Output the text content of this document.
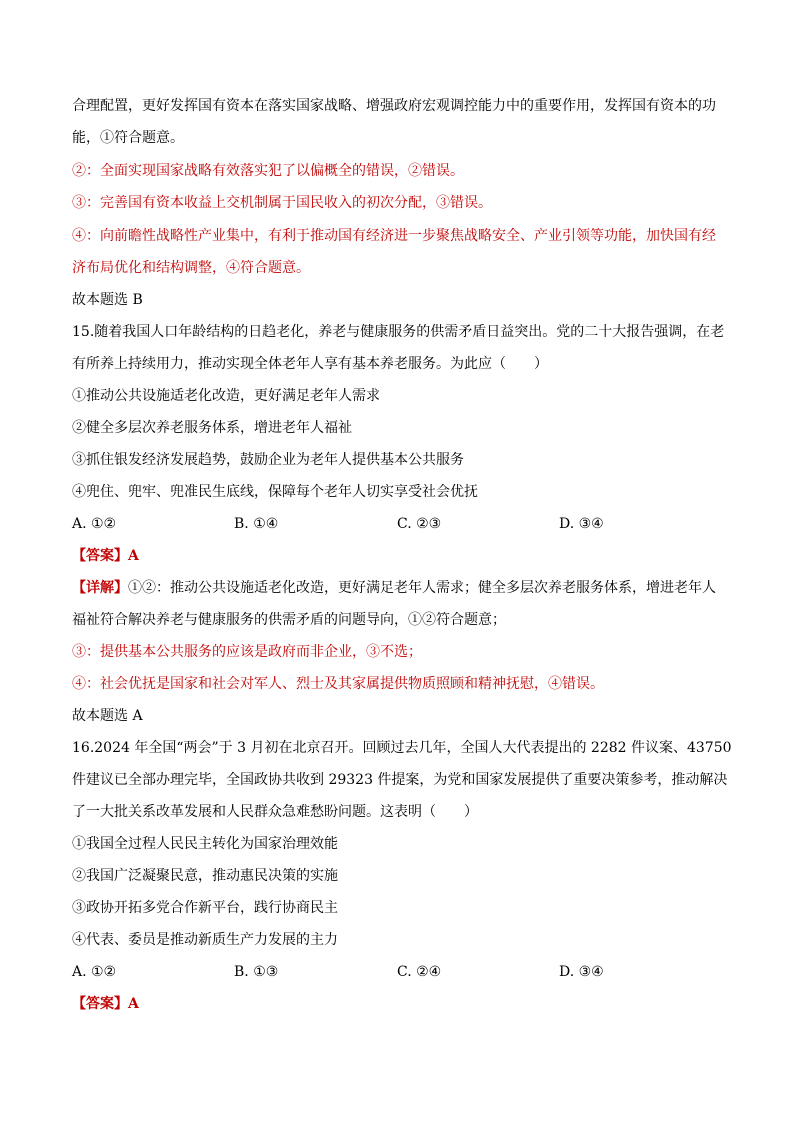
合理配置，更好发挥国有资本在落实国家战略、增强政府宏观调控能力中的重要作用，发挥国有资本的功
能，①符合题意。
②：全面实现国家战略有效落实犯了以偏概全的错误，②错误。
③：完善国有资本收益上交机制属于国民收入的初次分配，③错误。
④：向前瞻性战略性产业集中，有利于推动国有经济进一步聚焦战略安全、产业引领等功能，加快国有经
济布局优化和结构调整，④符合题意。
故本题选 B
15.随着我国人口年龄结构的日趋老化，养老与健康服务的供需矛盾日益突出。党的二十大报告强调，在老
有所养上持续用力，推动实现全体老年人享有基本养老服务。为此应（　　）
①推动公共设施适老化改造，更好满足老年人需求
②健全多层次养老服务体系，增进老年人福祉
③抓住银发经济发展趋势，鼓励企业为老年人提供基本公共服务
④兜住、兜牢、兜准民生底线，保障每个老年人切实享受社会优抚
A. ①②	B. ①④	C. ②③	D. ③④
【答案】A
【详解】①②：推动公共设施适老化改造，更好满足老年人需求；健全多层次养老服务体系，增进老年人
福祉符合解决养老与健康服务的供需矛盾的问题导向，①②符合题意；
③：提供基本公共服务的应该是政府而非企业，③不选；
④：社会优抚是国家和社会对军人、烈士及其家属提供物质照顾和精神抚慰，④错误。
故本题选 A
16.2024 年全国“两会”于 3 月初在北京召开。回顾过去几年，全国人大代表提出的 2282 件议案、43750
件建议已全部办理完毕，全国政协共收到 29323 件提案，为党和国家发展提供了重要决策参考，推动解决
了一大批关系改革发展和人民群众急难愁盼问题。这表明（　　）
①我国全过程人民民主转化为国家治理效能
②我国广泛凝聚民意，推动惠民决策的实施
③政协开拓多党合作新平台，践行协商民主
④代表、委员是推动新质生产力发展的主力
A. ①②	B. ①③	C. ②④	D. ③④
【答案】A
